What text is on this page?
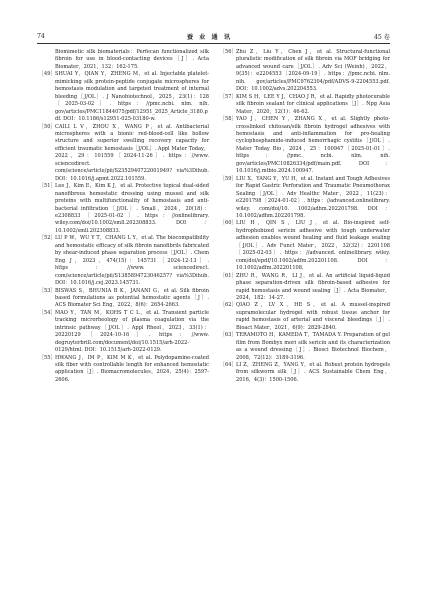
74	蚕 业 通 讯	45 卷
Biomimetic silk biomaterials：Perfecan functionalized silk fibroin for use in blood-contacting devices［J］. Acta Biomater，2021，132：162-175.
［49］ SHUAI Y，QIAN Y，ZHENG M，et al. Injectable platelet-mimicking silk protein-peptide conjugate microspheres for hemostasis modulation and targeted treatment of internal bleeding［J/OL］. J Nanobiotechnol，2025，23(1)：128［2025-03-02］. https：//pmc.ncbi. nlm. nih. gov/articles/PMC11844075/pdf/12951_2025_Article_3180.pdf. DOI：10.1186/s12951-025-03180-w.
［50］ CAILI L V，ZHOU X，WANG P，et al. Antibacterial microspheres with a bionic red-blood-cell like hollow structure and superior swelling recovery capacity for efficient traumatic hemostasis［J/OL］. Appl Mater Today，2022，29：101559［2024-11-26］. https：//www. sciencedirect. com/science/article/pii/S2352940722001949? via%3Dihub. DOI：10.1016/j.apmt.2022.101559.
［51］ Lee J，Kim E，Kim K J，et al. Protective topical dual-sided nanofibrous hemostatic dressing using mussel and silk proteins with multifunctionality of hemostasis and anti-bacterial infiltration［J/OL］. Small，2024，20(18)：e2308833［2025-01-02］. https：//onlinelibrary. wiley.com/doi/10.1002/smll.202308833. DOI：10.1002/smll.202308833.
［52］ LU P W，WU Y T，CHANG L Y，et al. The biocompatibility and hemostatic efficacy of silk fibroin nanofibrils fabricated by shear-induced phase separation process［J/OL］. Chem Eng J，2023，474(15)：145731［2024-12-13］. https：//www. sciencedirect. com/science/article/pii/S1385894723046257? via%3Dihub. DOI：10.1016/j.cej.2023.145731.
［53］ BISWAS S，BHUNIA B K，JANANI G，et al. Silk fibroin based formulations as potential hemostatic agents［J］. ACS Biomater Sci Eng，2022，8(6)：2654-2663.
［54］ MAO Y，TAN M，KOHS T C L，et al. Transient particle tracking microrheology of plasma coagulation via the intrinsic pathway［J/OL］. Appl Rheol，2023，33(1)：20220129［2024-10-16］. https：//www. degruyterbrill.com/document/doi/10.1515/arh-2022-0129/html. DOI：10.1515/arh-2022-0129.
［55］ HWANG J，IM P，KIM M K，et al. Polydopamine-coated silk fiber with controllable length for enhanced hemostatic application［J］. Biomacromolecules，2024，25(4)：2597-2606.
［56］ Zhu Z，Liu Y，Chen J，et al. Structural-functional pluralistic modification of silk fibroin via MOF bridging for advanced wound care［J/OL］. Adv Sci (Weinh)，2022，9(35)：e2204553［2024-09-19］. https：//pmc.ncbi. nlm. nih. gov/articles/PMC9762304/pdf/ADVS-9-2204553.pdf. DOI：10.1002/advs.202204553.
［57］ KIM S H，LEE Y J，CHAO J R，et al. Rapidly photocurable silk fibroin sealant for clinical applications［J］. Npg Asia Mater，2020，12(1)：46-62.
［58］ YAO J，CHEN Y，ZHANG X，et al. Slightly photo-crosslinked chitosan/silk fibroin hydrogel adhesives with hemostasis and anti-inflammation for pro-healing cyclophosphamide-induced hemorrhagic cystitis［J/OL］. Mater Today Bio，2024，25：100947［2025-01-01］. https：//pmc. ncbi. nlm. nih. gov/articles/PMC10826334/pdf/main.pdf. DOI：10.1016/j.mtbio.2024.100947.
［59］ LIU X，YANG Y，YU H，et al. Instant and Tough Adhesives for Rapid Gastric Perforation and Traumatic Pneumothorax Sealing［J/OL］. Adv Healthc Mater，2022，11(23)：e2201798［2024-01-02］. https：//advanced.onlinelibrary. wiley. com/doi/10. 1002/adhm.202201798. DOI：10.1002/adhm.202201798.
［60］ LIU H，QIN S，LIU J，et al. Bio-inspired self-hydrophobized sericin adhesive with tough underwater adhesion enables wound healing and fluid leakage sealing［J/OL］. Adv Funct Mater，2022，32(32)：2201108［2025-02-03］. https：//advanced. onlinelibrary. wiley. com/doi/epdf/10.1002/adfm.202201108. DOI：10.1002/adfm.202201108.
［61］ ZHU R，WANG R，LI J，et al. An artificial liquid-liquid phase separation-driven silk fibroin-based adhesive for rapid hemostasis and wound sealing［J］. Acta Biomater，2024，182：14-27.
［62］ QIAO Z，LV X，HE S，et al. A mussel-inspired supramolecular hydrogel with robust tissue anchor for rapid hemostasis of arterial and visceral bleedings［J］. Bioact Mater，2021，6(9)：2829-2840.
［63］ TERAMOTO H，KAMEDA T，TAMADA Y. Preparation of gel film from Bombyx mori silk sericin and its characterization as a wound dressing［J］. Biosci Biotechnol Biochem，2008，72(12)：3189-3196.
［64］ LI Z，ZHENG Z，YANG Y，et al. Robust protein hydrogels from silkworm silk［J］. ACS Sustainable Chem Eng，2016，4(3)：1500-1506.
